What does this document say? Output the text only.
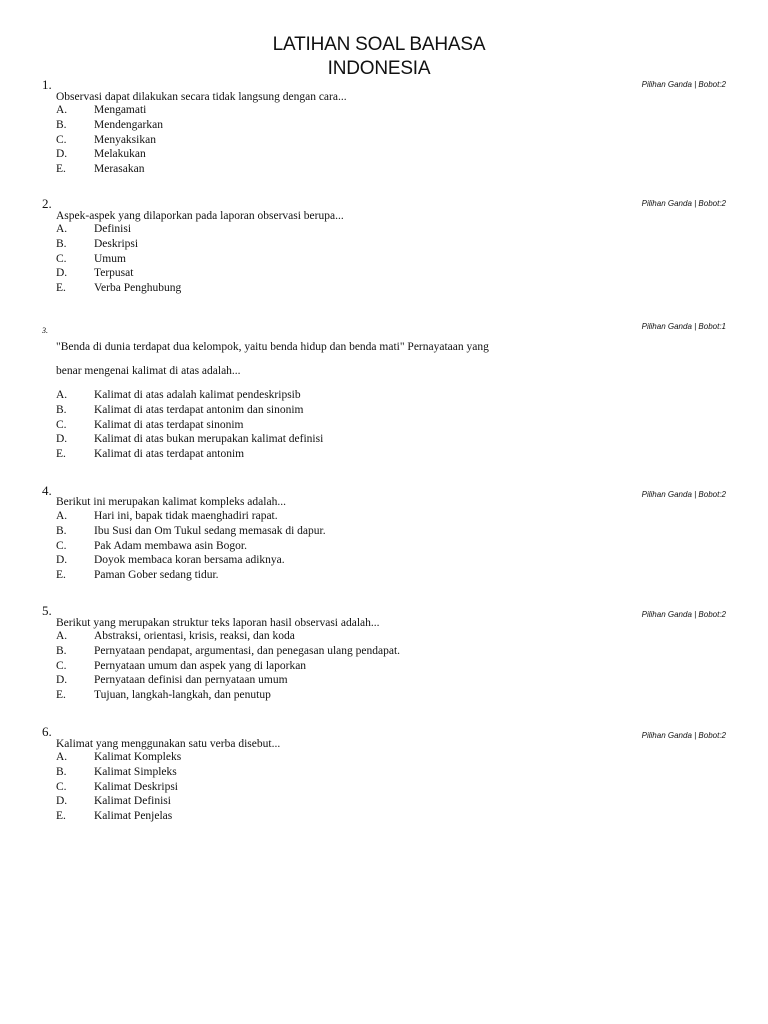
LATIHAN SOAL BAHASA
INDONESIA
1.	Pilihan Ganda | Bobot:2
Observasi dapat dilakukan secara tidak langsung dengan cara...
A. Mengamati
B. Mendengarkan
C. Menyaksikan
D. Melakukan
E. Merasakan
2.	Pilihan Ganda | Bobot:2
Aspek-aspek yang dilaporkan pada laporan observasi berupa...
A. Definisi
B. Deskripsi
C. Umum
D. Terpusat
E. Verba Penghubung
3.	Pilihan Ganda | Bobot:1
"Benda di dunia terdapat dua kelompok, yaitu benda hidup dan benda mati" Pernayataan yang
benar mengenai kalimat di atas adalah...
A. Kalimat di atas adalah kalimat pendeskripsib
B. Kalimat di atas terdapat antonim dan sinonim
C. Kalimat di atas terdapat sinonim
D. Kalimat di atas bukan merupakan kalimat definisi
E. Kalimat di atas terdapat antonim
4.	Pilihan Ganda | Bobot:2
Berikut ini merupakan kalimat kompleks adalah...
A. Hari ini, bapak tidak maenghadiri rapat.
B. Ibu Susi dan Om Tukul sedang memasak di dapur.
C. Pak Adam membawa asin Bogor.
D. Doyok membaca koran bersama adiknya.
E. Paman Gober sedang tidur.
5.	Pilihan Ganda | Bobot:2
Berikut yang merupakan struktur teks laporan hasil observasi adalah...
A. Abstraksi, orientasi, krisis, reaksi, dan koda
B. Pernyataan pendapat, argumentasi, dan penegasan ulang pendapat.
C. Pernyataan umum dan aspek yang di laporkan
D. Pernyataan definisi dan pernyataan umum
E. Tujuan, langkah-langkah, dan penutup
6.	Pilihan Ganda | Bobot:2
Kalimat yang menggunakan satu verba disebut...
A. Kalimat Kompleks
B. Kalimat Simpleks
C. Kalimat Deskripsi
D. Kalimat Definisi
E. Kalimat Penjelas
